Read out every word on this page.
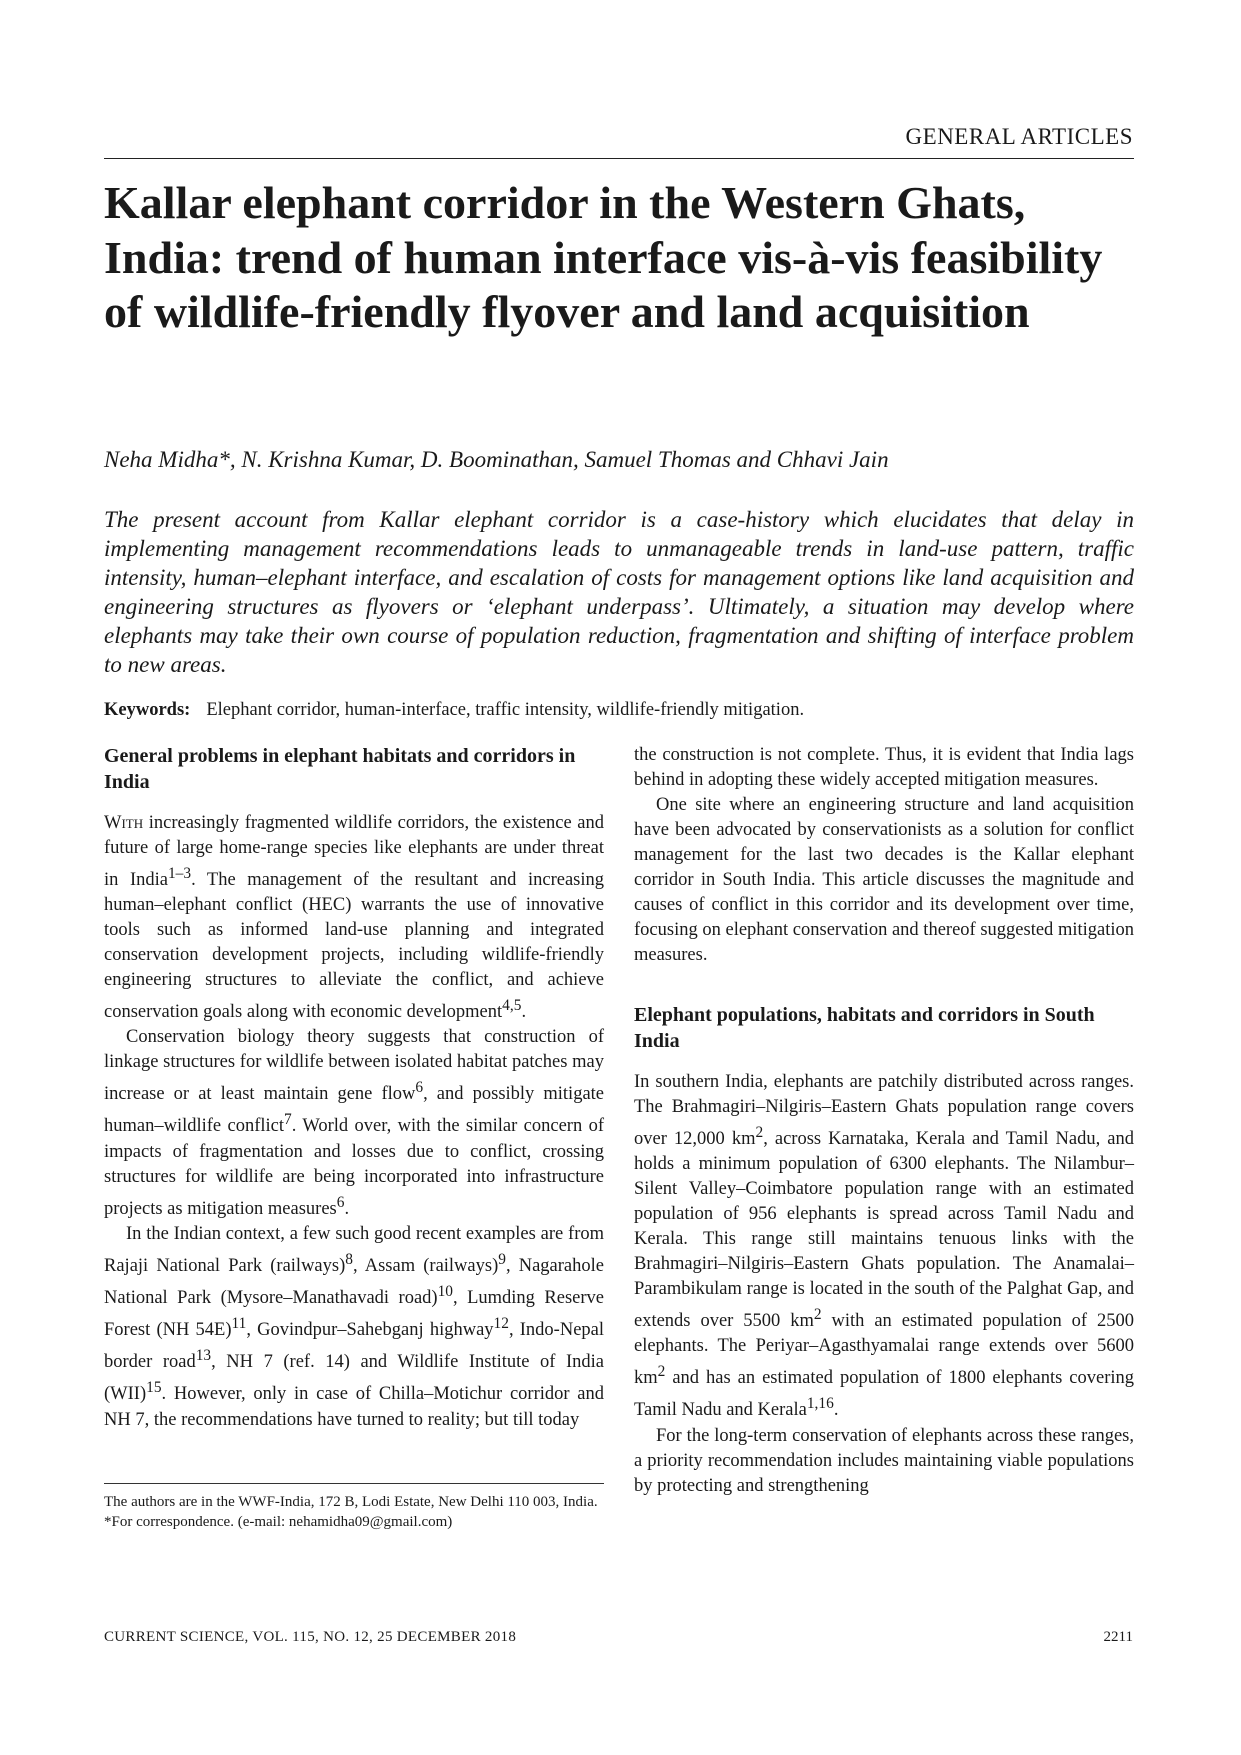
GENERAL ARTICLES
Kallar elephant corridor in the Western Ghats, India: trend of human interface vis-à-vis feasibility of wildlife-friendly flyover and land acquisition
Neha Midha*, N. Krishna Kumar, D. Boominathan, Samuel Thomas and Chhavi Jain
The present account from Kallar elephant corridor is a case-history which elucidates that delay in implementing management recommendations leads to unmanageable trends in land-use pattern, traffic intensity, human–elephant interface, and escalation of costs for management options like land acquisition and engineering structures as flyovers or ‘elephant underpass’. Ultimately, a situation may develop where elephants may take their own course of population reduction, fragmentation and shifting of interface problem to new areas.
Keywords: Elephant corridor, human-interface, traffic intensity, wildlife-friendly mitigation.
General problems in elephant habitats and corridors in India

With increasingly fragmented wildlife corridors, the existence and future of large home-range species like elephants are under threat in India$^{1-3}$. The management of the resultant and increasing human–elephant conflict (HEC) warrants the use of innovative tools such as informed land-use planning and integrated conservation development projects, including wildlife-friendly engineering structures to alleviate the conflict, and achieve conservation goals along with economic development$^{4,5}$.

Conservation biology theory suggests that construction of linkage structures for wildlife between isolated habitat patches may increase or at least maintain gene flow$^6$, and possibly mitigate human–wildlife conflict$^7$. World over, with the similar concern of impacts of fragmentation and losses due to conflict, crossing structures for wildlife are being incorporated into infrastructure projects as mitigation measures$^6$.

In the Indian context, a few such good recent examples are from Rajaji National Park (railways)$^8$, Assam (railways)$^9$, Nagarahole National Park (Mysore–Manathavadi road)$^{10}$, Lumding Reserve Forest (NH 54E)$^{11}$, Govindpur–Sahebganj highway$^{12}$, Indo-Nepal border road$^{13}$, NH 7 (ref. 14) and Wildlife Institute of India (WII)$^{15}$. However, only in case of Chilla–Motichur corridor and NH 7, the recommendations have turned to reality; but till today

the construction is not complete. Thus, it is evident that India lags behind in adopting these widely accepted mitigation measures.

One site where an engineering structure and land acquisition have been advocated by conservationists as a solution for conflict management for the last two decades is the Kallar elephant corridor in South India. This article discusses the magnitude and causes of conflict in this corridor and its development over time, focusing on elephant conservation and thereof suggested mitigation measures.

Elephant populations, habitats and corridors in South India

In southern India, elephants are patchily distributed across ranges. The Brahmagiri–Nilgiris–Eastern Ghats population range covers over 12,000 $km^2$, across Karnataka, Kerala and Tamil Nadu, and holds a minimum population of 6300 elephants. The Nilambur–Silent Valley–Coimbatore population range with an estimated population of 956 elephants is spread across Tamil Nadu and Kerala. This range still maintains tenuous links with the Brahmagiri–Nilgiris–Eastern Ghats population. The Anamalai–Parambikulam range is located in the south of the Palghat Gap, and extends over 5500 $km^2$ with an estimated population of 2500 elephants. The Periyar–Agasthyamalai range extends over 5600 $km^2$ and has an estimated population of 1800 elephants covering Tamil Nadu and Kerala$^{1,16}$.

For the long-term conservation of elephants across these ranges, a priority recommendation includes maintaining viable populations by protecting and strengthening

The authors are in the WWF-India, 172 B, Lodi Estate, New Delhi 110 003, India.
*For correspondence. (e-mail: nehamidha09@gmail.com)
CURRENT SCIENCE, VOL. 115, NO. 12, 25 DECEMBER 2018	2211
